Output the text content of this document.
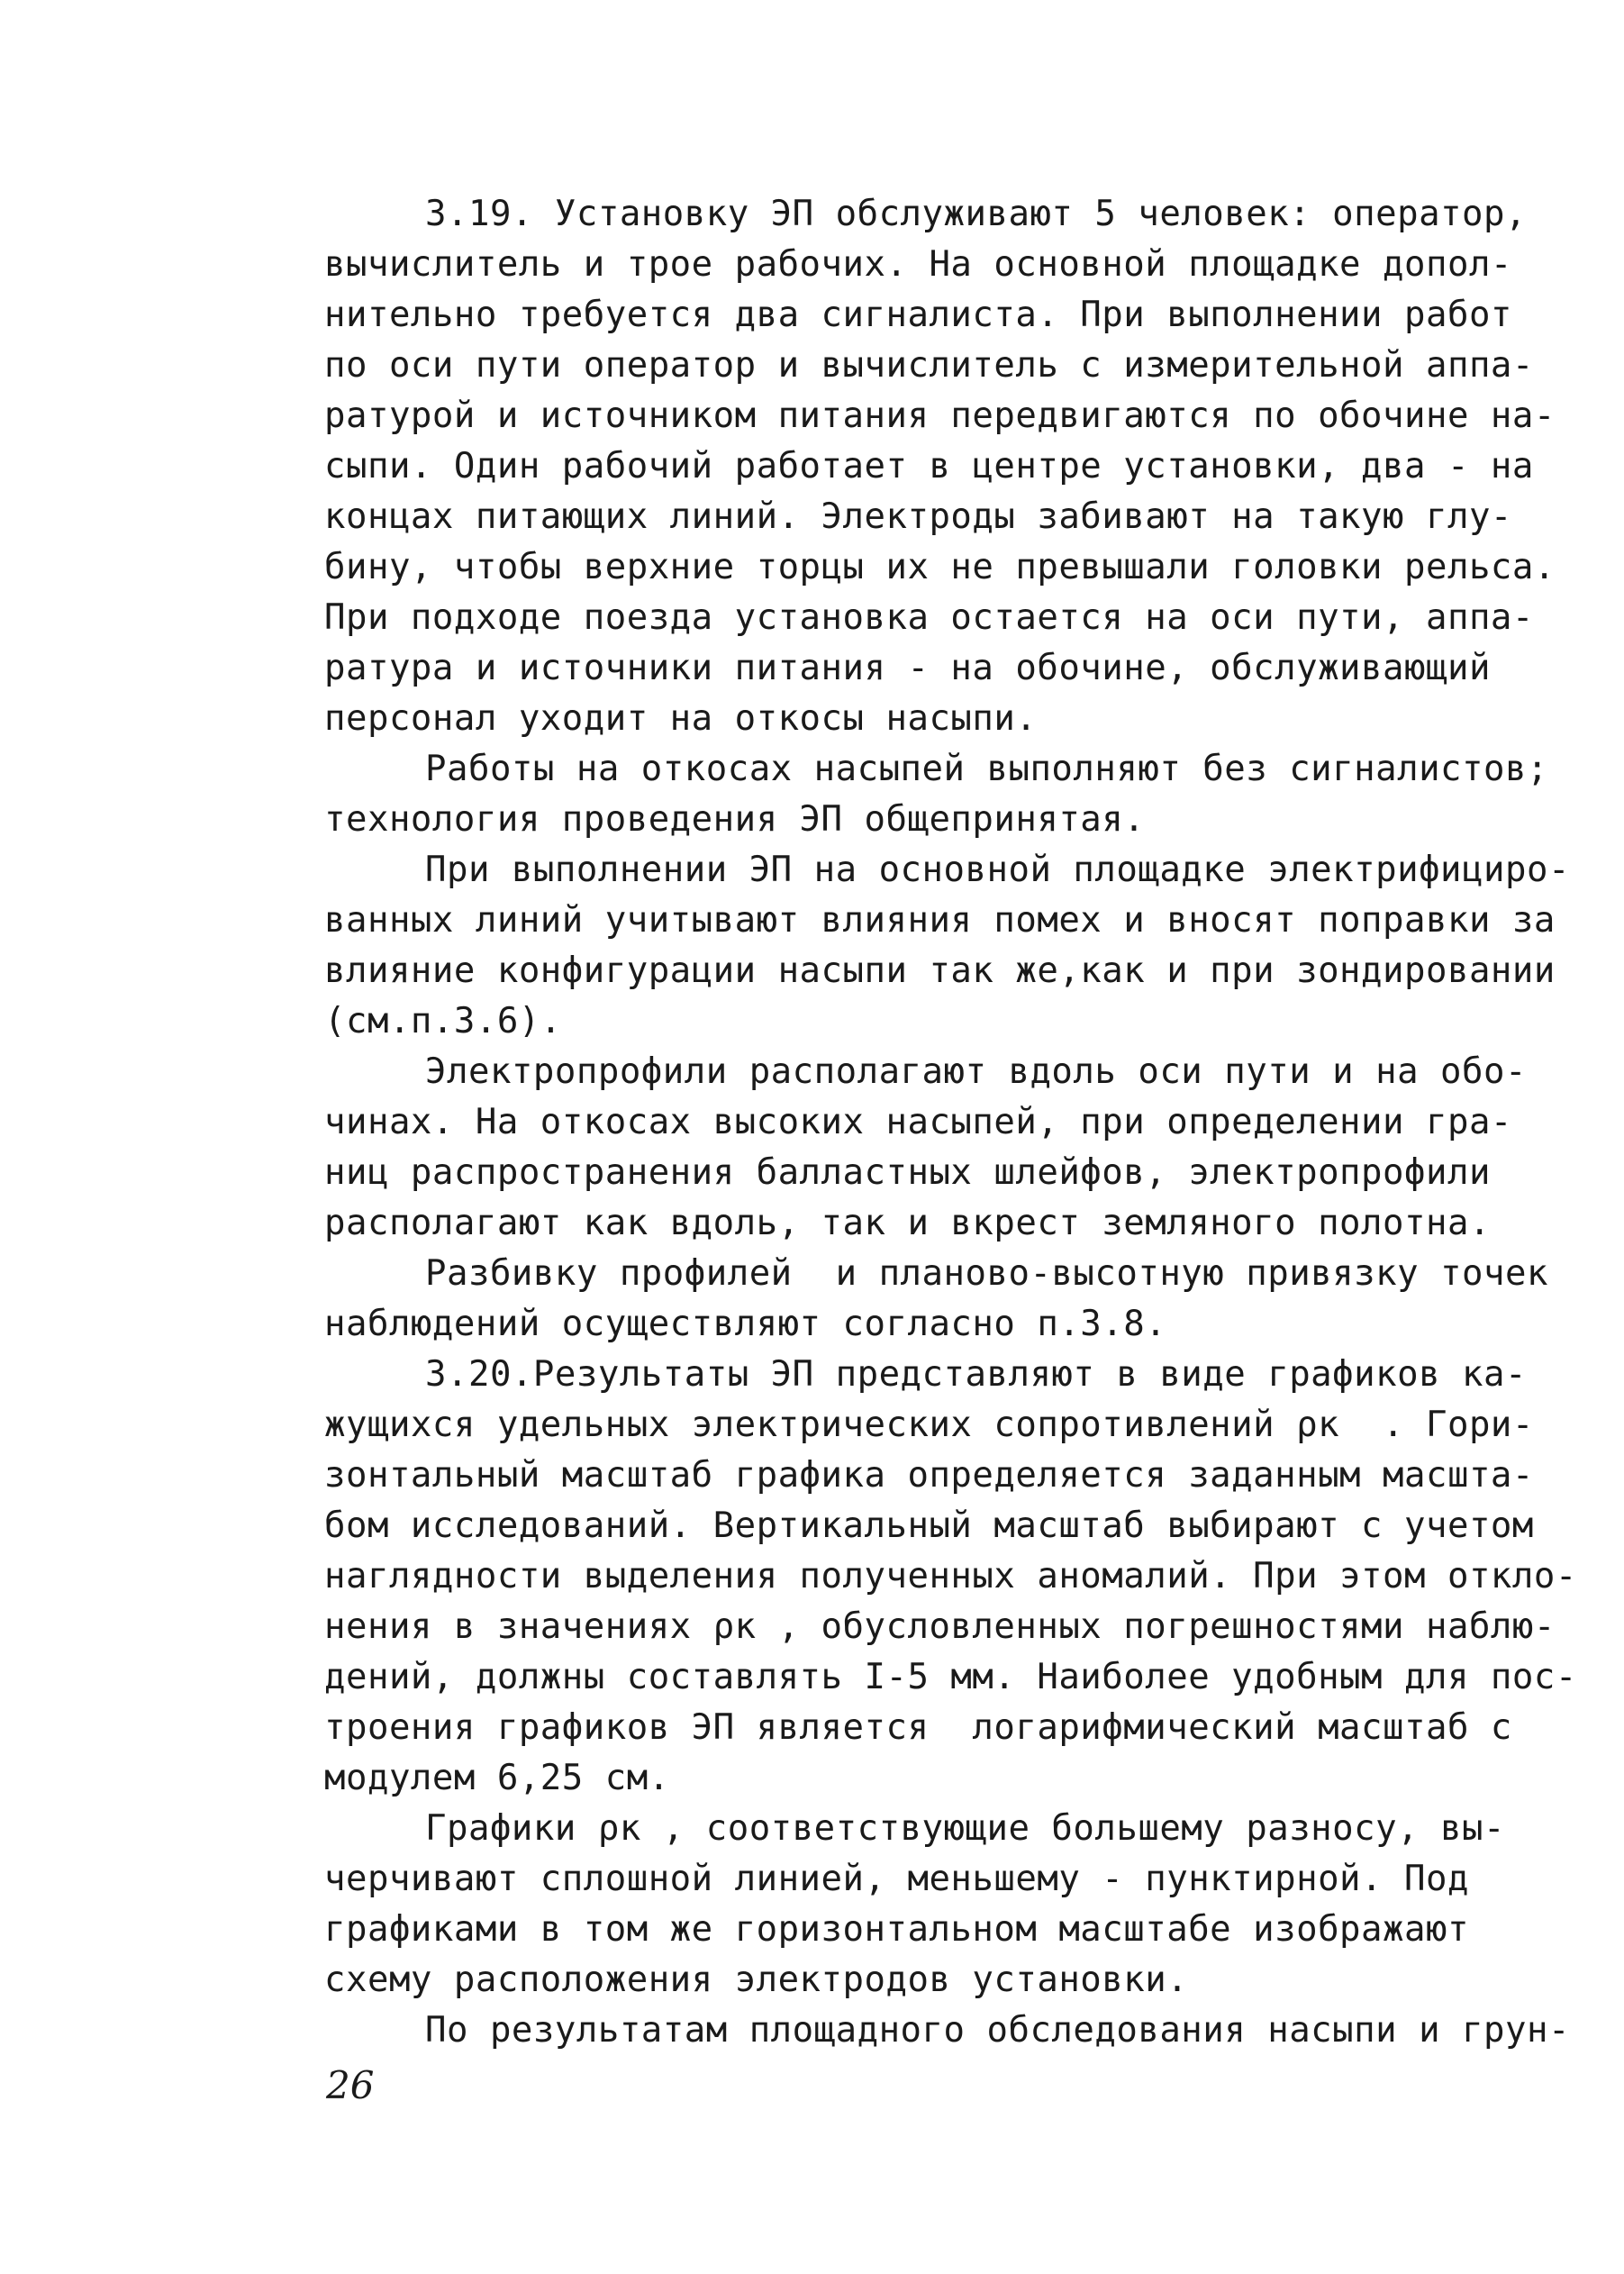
3.19. Установку ЭП обслуживают 5 человек: оператор,
вычислитель и трое рабочих. На основной площадке допол-
нительно требуется два сигналиста. При выполнении работ
по оси пути оператор и вычислитель с измерительной аппа-
ратурой и источником питания передвигаются по обочине на-
сыпи. Один рабочий работает в центре установки, два - на
концах питающих линий. Электроды забивают на такую глу-
бину, чтобы верхние торцы их не превышали головки рельса.
При подходе поезда установка остается на оси пути, аппа-
ратура и источники питания - на обочине, обслуживающий
персонал уходит на откосы насыпи.
Работы на откосах насыпей выполняют без сигналистов;
технология проведения ЭП общепринятая.
При выполнении ЭП на основной площадке электрифициро-
ванных линий учитывают влияния помех и вносят поправки за
влияние конфигурации насыпи так же,как и при зондировании
(см.п.3.6).
Электропрофили располагают вдоль оси пути и на обо-
чинах. На откосах высоких насыпей, при определении гра-
ниц распространения балластных шлейфов, электропрофили
располагают как вдоль, так и вкрест земляного полотна.
Разбивку профилей  и планово-высотную привязку точек
наблюдений осуществляют согласно п.3.8.
3.20.Результаты ЭП представляют в виде графиков ка-
жущихся удельных электрических сопротивлений ρк  . Гори-
зонтальный масштаб графика определяется заданным масшта-
бом исследований. Вертикальный масштаб выбирают с учетом
наглядности выделения полученных аномалий. При этом откло-
нения в значениях ρк , обусловленных погрешностями наблю-
дений, должны составлять I-5 мм. Наиболее удобным для пос-
троения графиков ЭП является  логарифмический масштаб с
модулем 6,25 см.
Графики ρк , соответствующие большему разносу, вы-
черчивают сплошной линией, меньшему - пунктирной. Под
графиками в том же горизонтальном масштабе изображают
схему расположения электродов установки.
По результатам площадного обследования насыпи и грун-
26
